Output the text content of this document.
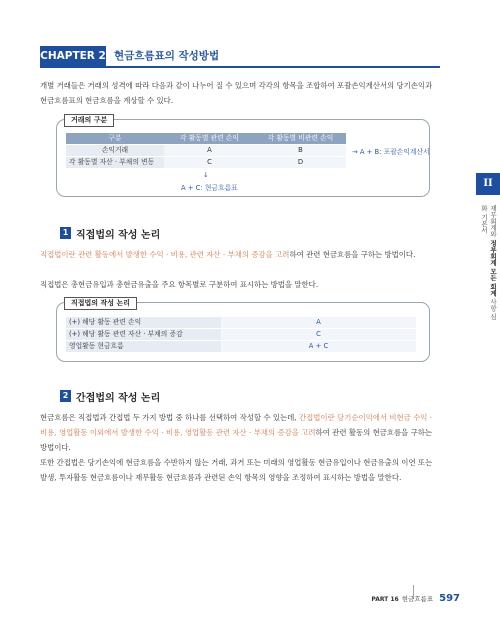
CHAPTER 2 현금흐름표의 작성방법

개별 거래들은 거래의 성격에 따라 다음과 같이 나누어 질 수 있으며 각각의 항목을 조합하여 포괄손익계산서의 당기손익과 현금흐름표의 현금흐름을 계상할 수 있다.

거래의 구분
구분	각 활동별 관련 손익	각 활동별 비관련 손익
손익거래	A	B
각 활동별 자산 · 부채의 변동	C	D
→ A + B: 포괄손익계산서
↓
A + C: 현금흐름표
1 직접법의 작성 논리

직접법이란 관련 활동에서 발생한 수익 · 비용, 관련 자산 · 부채의 증감을 고려하여 관련 현금흐름을 구하는 방법이다.

직접법은 총현금유입과 총현금유출을 주요 항목별로 구분하여 표시하는 방법을 말한다.

직접법의 작성 논리
(+) 해당 활동 관련 손익	A
(+) 해당 활동 관련 자산 · 부채의 증감	C
영업활동 현금흐름	A + C
2 간접법의 작성 논리

현금흐름은 직접법과 간접법 두 가지 방법 중 하나를 선택하여 작성할 수 있는데, 간접법이란 당기순이익에서 비현금 수익 · 비용, 영업활동 이외에서 발생한 수익 · 비용, 영업활동 관련 자산 · 부채의 증감을 고려하여 관련 활동의 현금흐름을 구하는 방법이다.

또한 간접법은 당기손익에 현금흐름을 수반하지 않는 거래, 과거 또는 미래의 영업활동 현금유입이나 현금유출의 이연 또는 발생, 투자활동 현금흐름이나 재무활동 현금흐름과 관련된 손익 항목의 영향을 조정하여 표시하는 방법을 말한다.

II
재무회계와 정부회계 모든 회계 사항 심화 기본서
PART 16 현금흐름표 597
